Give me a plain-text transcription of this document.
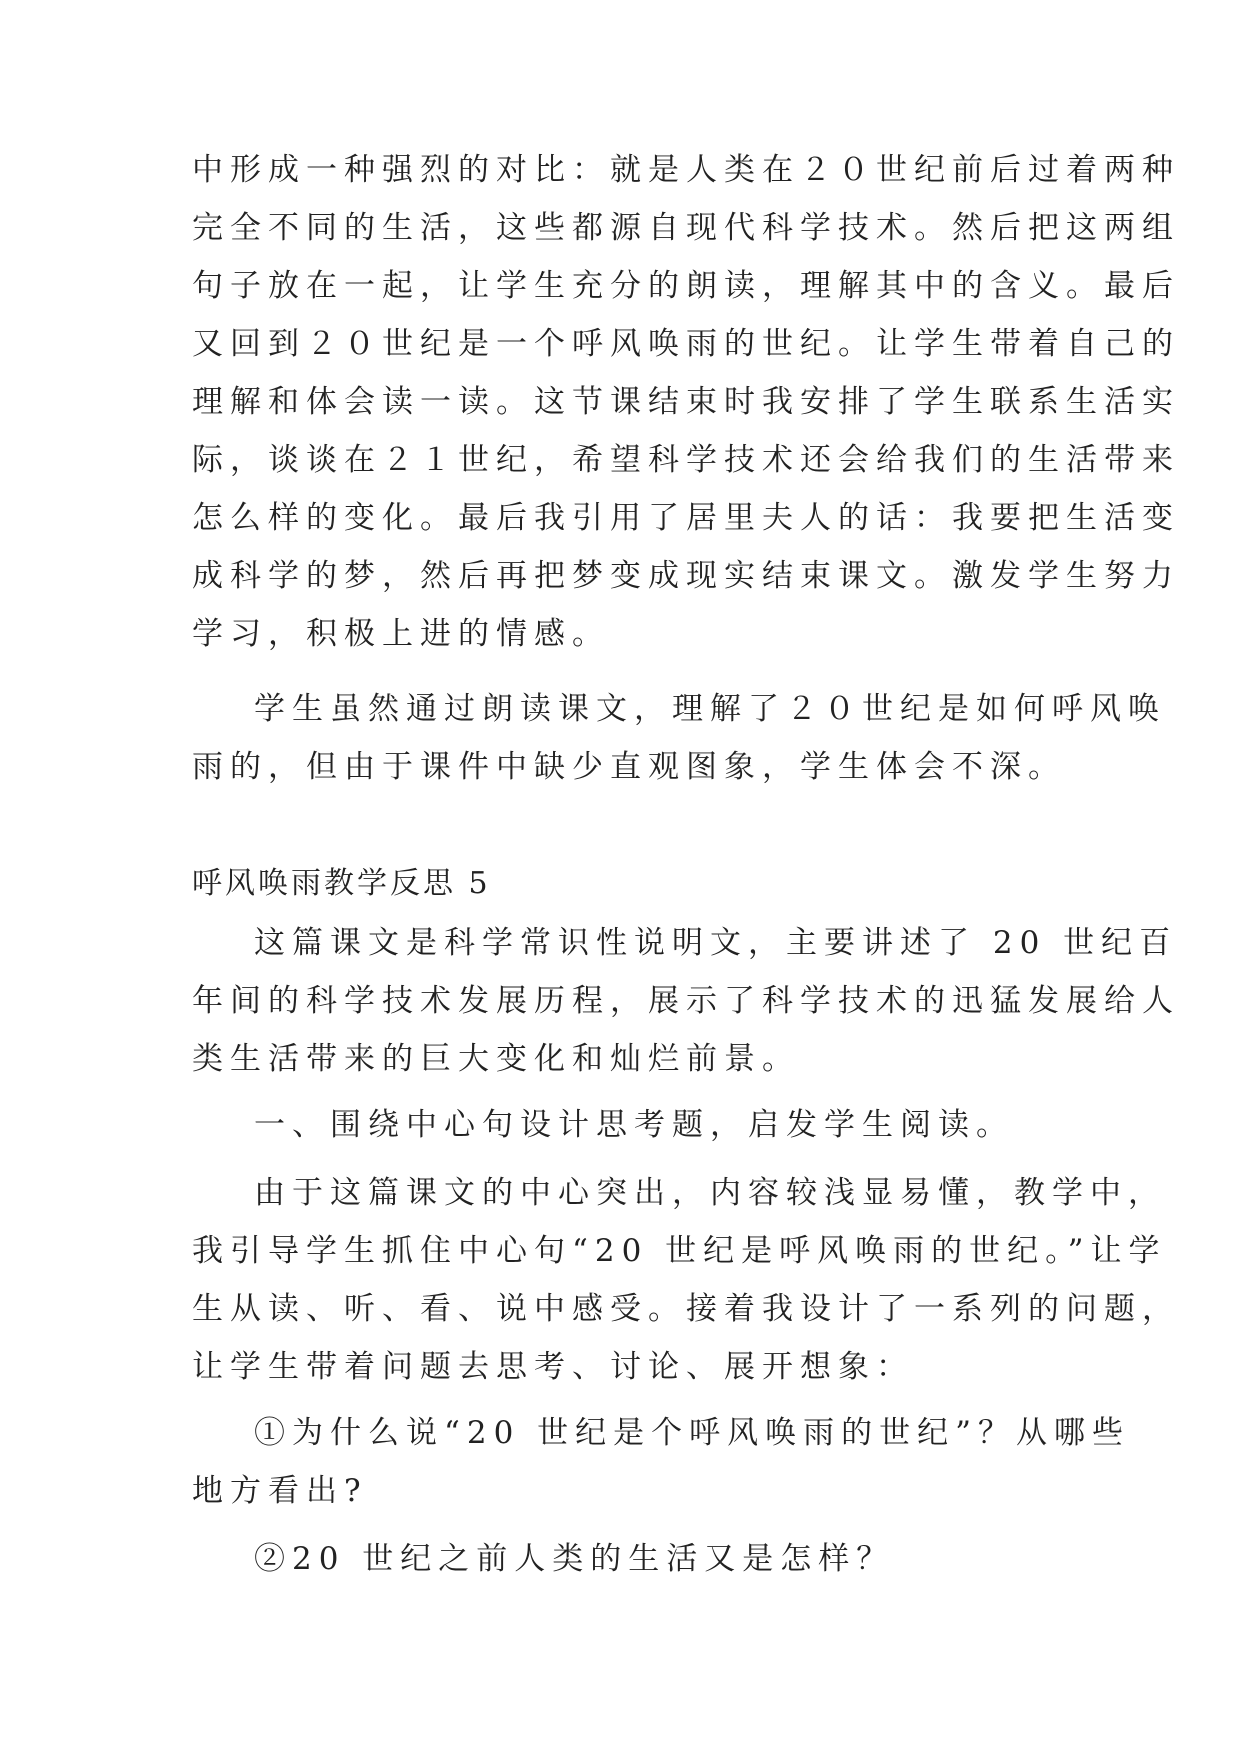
中形成一种强烈的对比：就是人类在２０世纪前后过着两种

完全不同的生活，这些都源自现代科学技术。然后把这两组

句子放在一起，让学生充分的朗读，理解其中的含义。最后

又回到２０世纪是一个呼风唤雨的世纪。让学生带着自己的

理解和体会读一读。这节课结束时我安排了学生联系生活实

际，谈谈在２１世纪，希望科学技术还会给我们的生活带来

怎么样的变化。最后我引用了居里夫人的话：我要把生活变

成科学的梦，然后再把梦变成现实结束课文。激发学生努力

学习，积极上进的情感。

学生虽然通过朗读课文，理解了２０世纪是如何呼风唤

雨的，但由于课件中缺少直观图象，学生体会不深。

呼风唤雨教学反思 5

这篇课文是科学常识性说明文，主要讲述了 20 世纪百

年间的科学技术发展历程，展示了科学技术的迅猛发展给人

类生活带来的巨大变化和灿烂前景。

一、围绕中心句设计思考题，启发学生阅读。

由于这篇课文的中心突出，内容较浅显易懂，教学中，

我引导学生抓住中心句“20 世纪是呼风唤雨的世纪。”让学

生从读、听、看、说中感受。接着我设计了一系列的问题，

让学生带着问题去思考、讨论、展开想象：

①为什么说“20 世纪是个呼风唤雨的世纪”？从哪些

地方看出?

②20 世纪之前人类的生活又是怎样？
